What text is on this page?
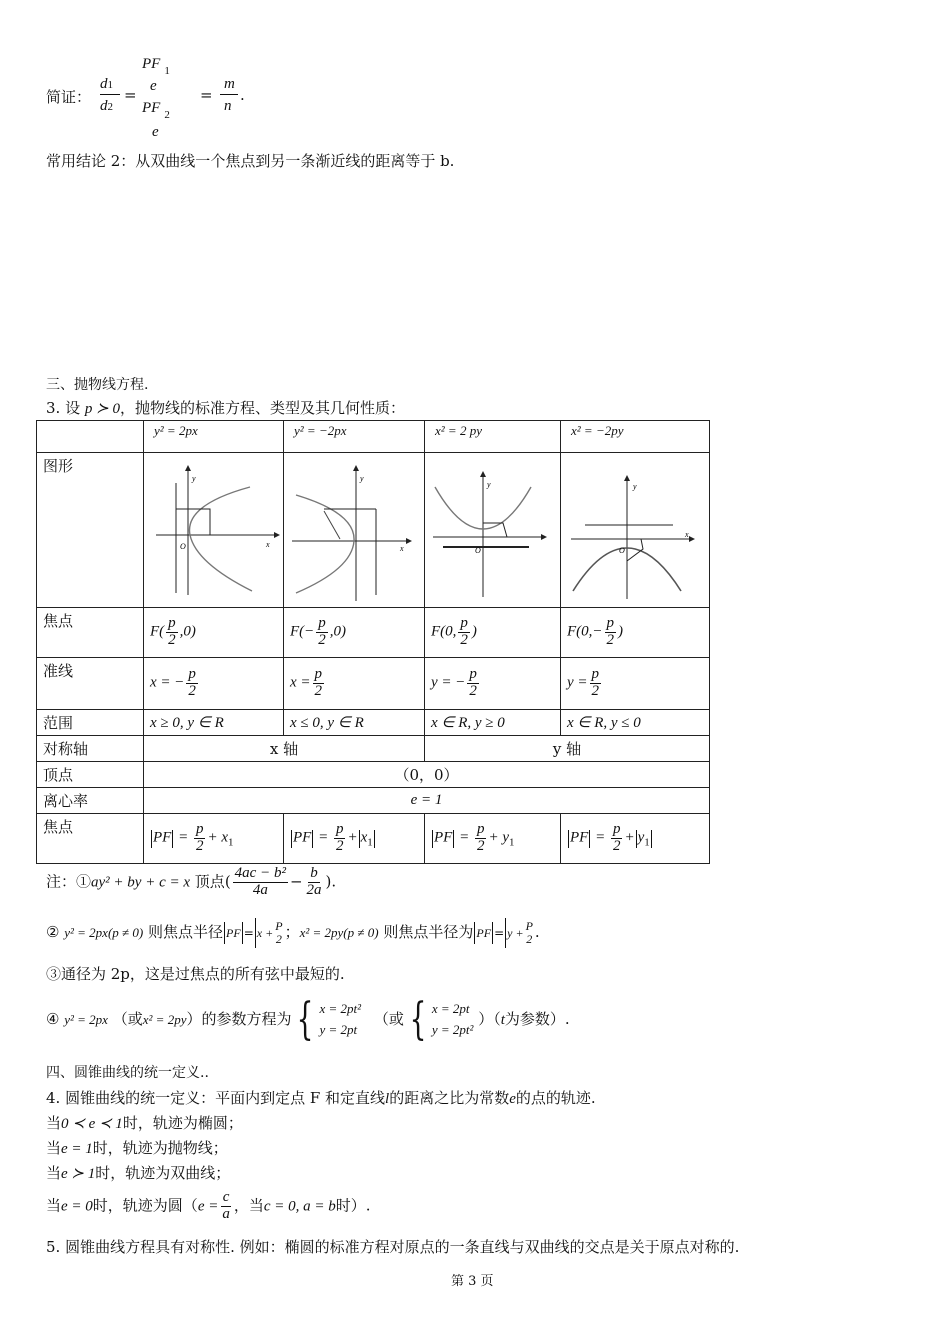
简证：
d1
d2
=
PF $_1$
e
PF $_2$
e
=
m
n
.
常用结论 2：从双曲线一个焦点到另一条渐近线的距离等于 b.
三、抛物线方程.
3. 设 p ≻ 0，抛物线的标准方程、类型及其几何性质：
	y² = 2px	y² = −2px	x² = 2 py	x² = −2py
图形	x
y
O	x
y	y
O	y
x
O

焦点	$F( \frac{p}{2} ,0)$	$F(- \frac{p}{2} ,0)$	F(0, $\frac{p}{2}$ )	$F(0,- \frac{p}{2}$ )
准线	x = − $\frac{p}{2}$	$x = \frac{p}{2}$	y = − $\frac{p}{2}$	$y = \frac{p}{2}$

范围	x ≥ 0, y ∈ R	x ≤ 0, y ∈ R	x ∈ R, y ≥ 0	x ∈ R, y ≤ 0
对称轴	x 轴		y 轴	
顶点	（0，0）			
离心率	e = 1			
焦点	PF = $\frac{p}{2} + x_1$	PF = $\frac{p}{2} + x_1$	PF = $\frac{p}{2} + y_1$	PF = $\frac{p}{2} + y_1$
注：①ay² + by + c = x 顶点( $\frac{\text{4ac − b²}}{4a} - \frac{b}{2a}$ ).
② y² = 2px(p ≠ 0) 则焦点半径 PF = x + P
2 ；x² = 2py(p ≠ 0) 则焦点半径为 PF = y + P
2 .
③通径为 2p，这是过焦点的所有弦中最短的.
④ y² = 2px （或x² = 2py）的参数方程为 { x = 2pt²
y = 2pt
（或 { x = 2pt
y = 2pt²
）（t为参数）.
四、圆锥曲线的统一定义..
4. 圆锥曲线的统一定义：平面内到定点 F 和定直线l的距离之比为常数e的点的轨迹.
当0 ≺ e ≺ 1时，轨迹为椭圆；
当e = 1时，轨迹为抛物线；
当e ≻ 1时，轨迹为双曲线；
当e = 0时，轨迹为圆（$e = \frac{c}{a}$ ，当c = 0, a = b时）.
5. 圆锥曲线方程具有对称性. 例如：椭圆的标准方程对原点的一条直线与双曲线的交点是关于原点对称的.
第 3 页
